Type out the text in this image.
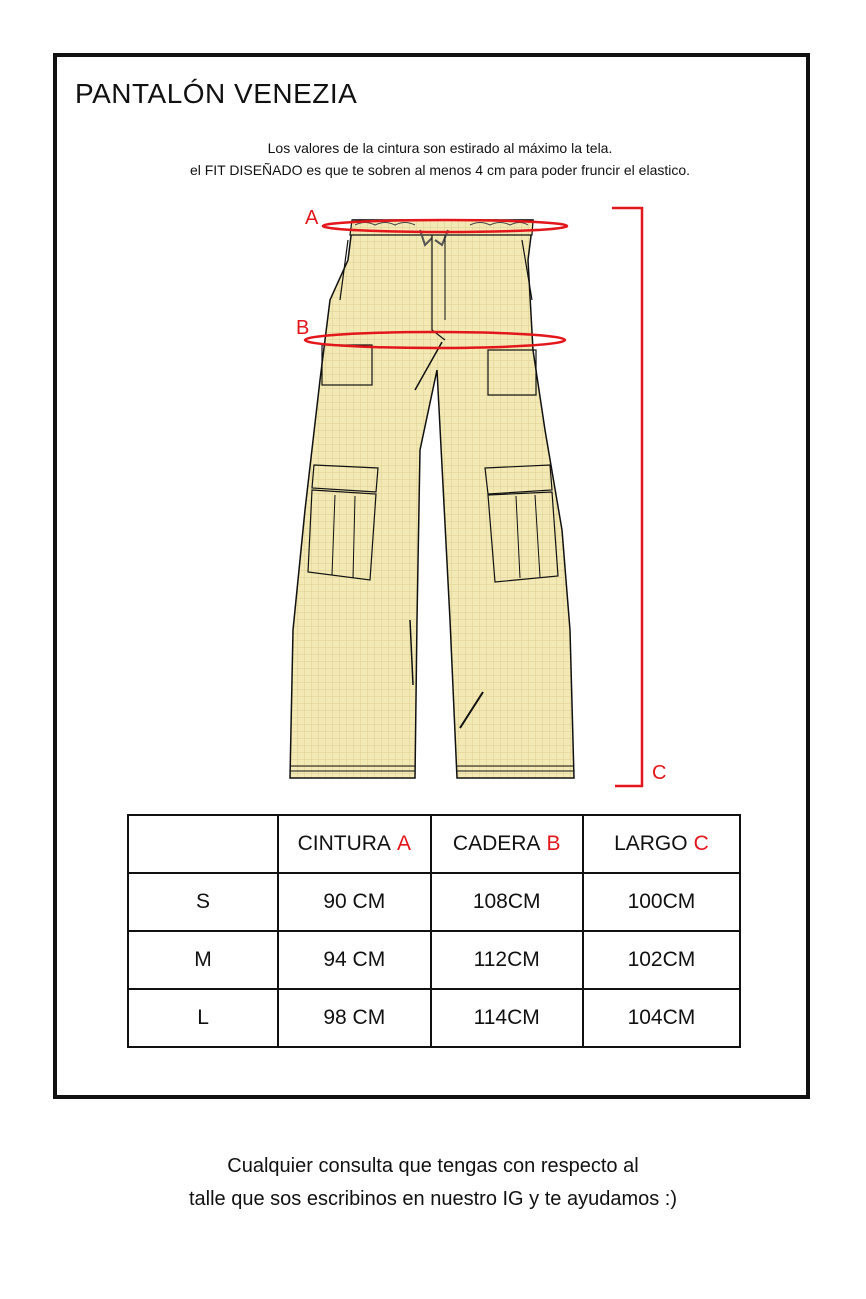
PANTALÓN VENEZIA
Los valores de la cintura son estirado al máximo la tela.
el FIT DISEÑADO es que te sobren al menos 4 cm para poder fruncir el elastico.
A
B
C
	CINTURA A	CADERA B	LARGO C
S	90 CM	108CM	100CM
M	94 CM	112CM	102CM
L	98 CM	114CM	104CM
Cualquier consulta que tengas con respecto al
talle que sos escribinos en nuestro IG y te ayudamos :)
